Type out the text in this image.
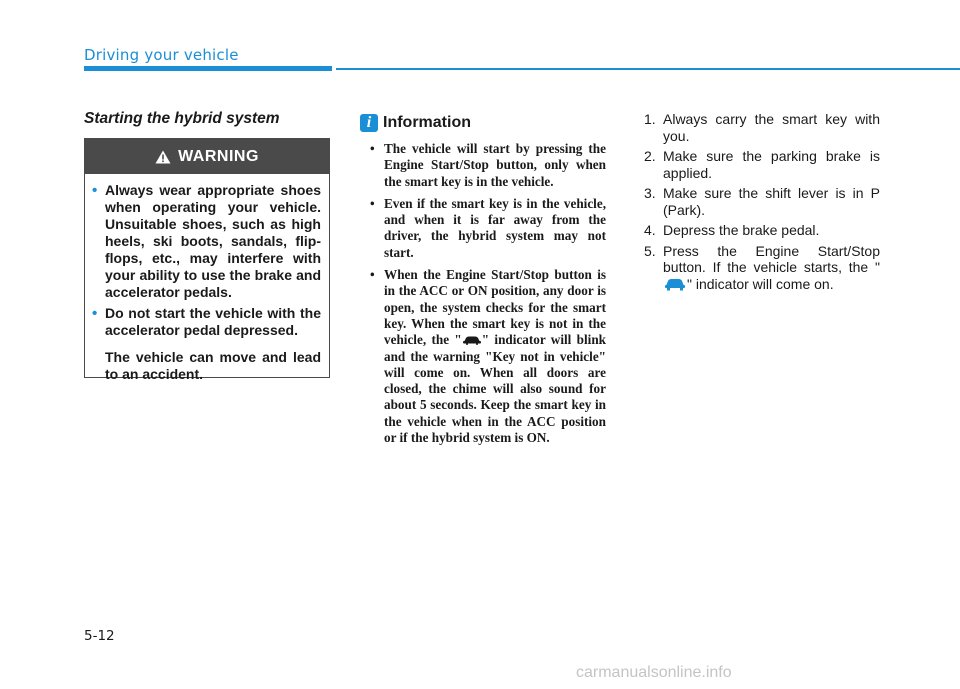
Driving your vehicle
Starting the hybrid system
WARNING
• Always wear appropriate shoes when operating your vehicle. Unsuitable shoes, such as high heels, ski boots, sandals, flip-flops, etc., may interfere with your ability to use the brake and accelerator pedals.
• Do not start the vehicle with the accelerator pedal depressed.
The vehicle can move and lead to an accident.
i Information
• The vehicle will start by pressing the Engine Start/Stop button, only when the smart key is in the vehicle.
• Even if the smart key is in the vehicle, and when it is far away from the driver, the hybrid system may not start.
• When the Engine Start/Stop button is in the ACC or ON position, any door is open, the system checks for the smart key. When the smart key is not in the vehicle, the " " indicator will blink and the warning "Key not in vehicle" will come on. When all doors are closed, the chime will also sound for about 5 seconds. Keep the smart key in the vehicle when in the ACC position or if the hybrid system is ON.
1. Always carry the smart key with you.
2. Make sure the parking brake is applied.
3. Make sure the shift lever is in P (Park).
4. Depress the brake pedal.
5. Press the Engine Start/Stop button. If the vehicle starts, the "" indicator will come on.
5-12
carmanualsonline.info
